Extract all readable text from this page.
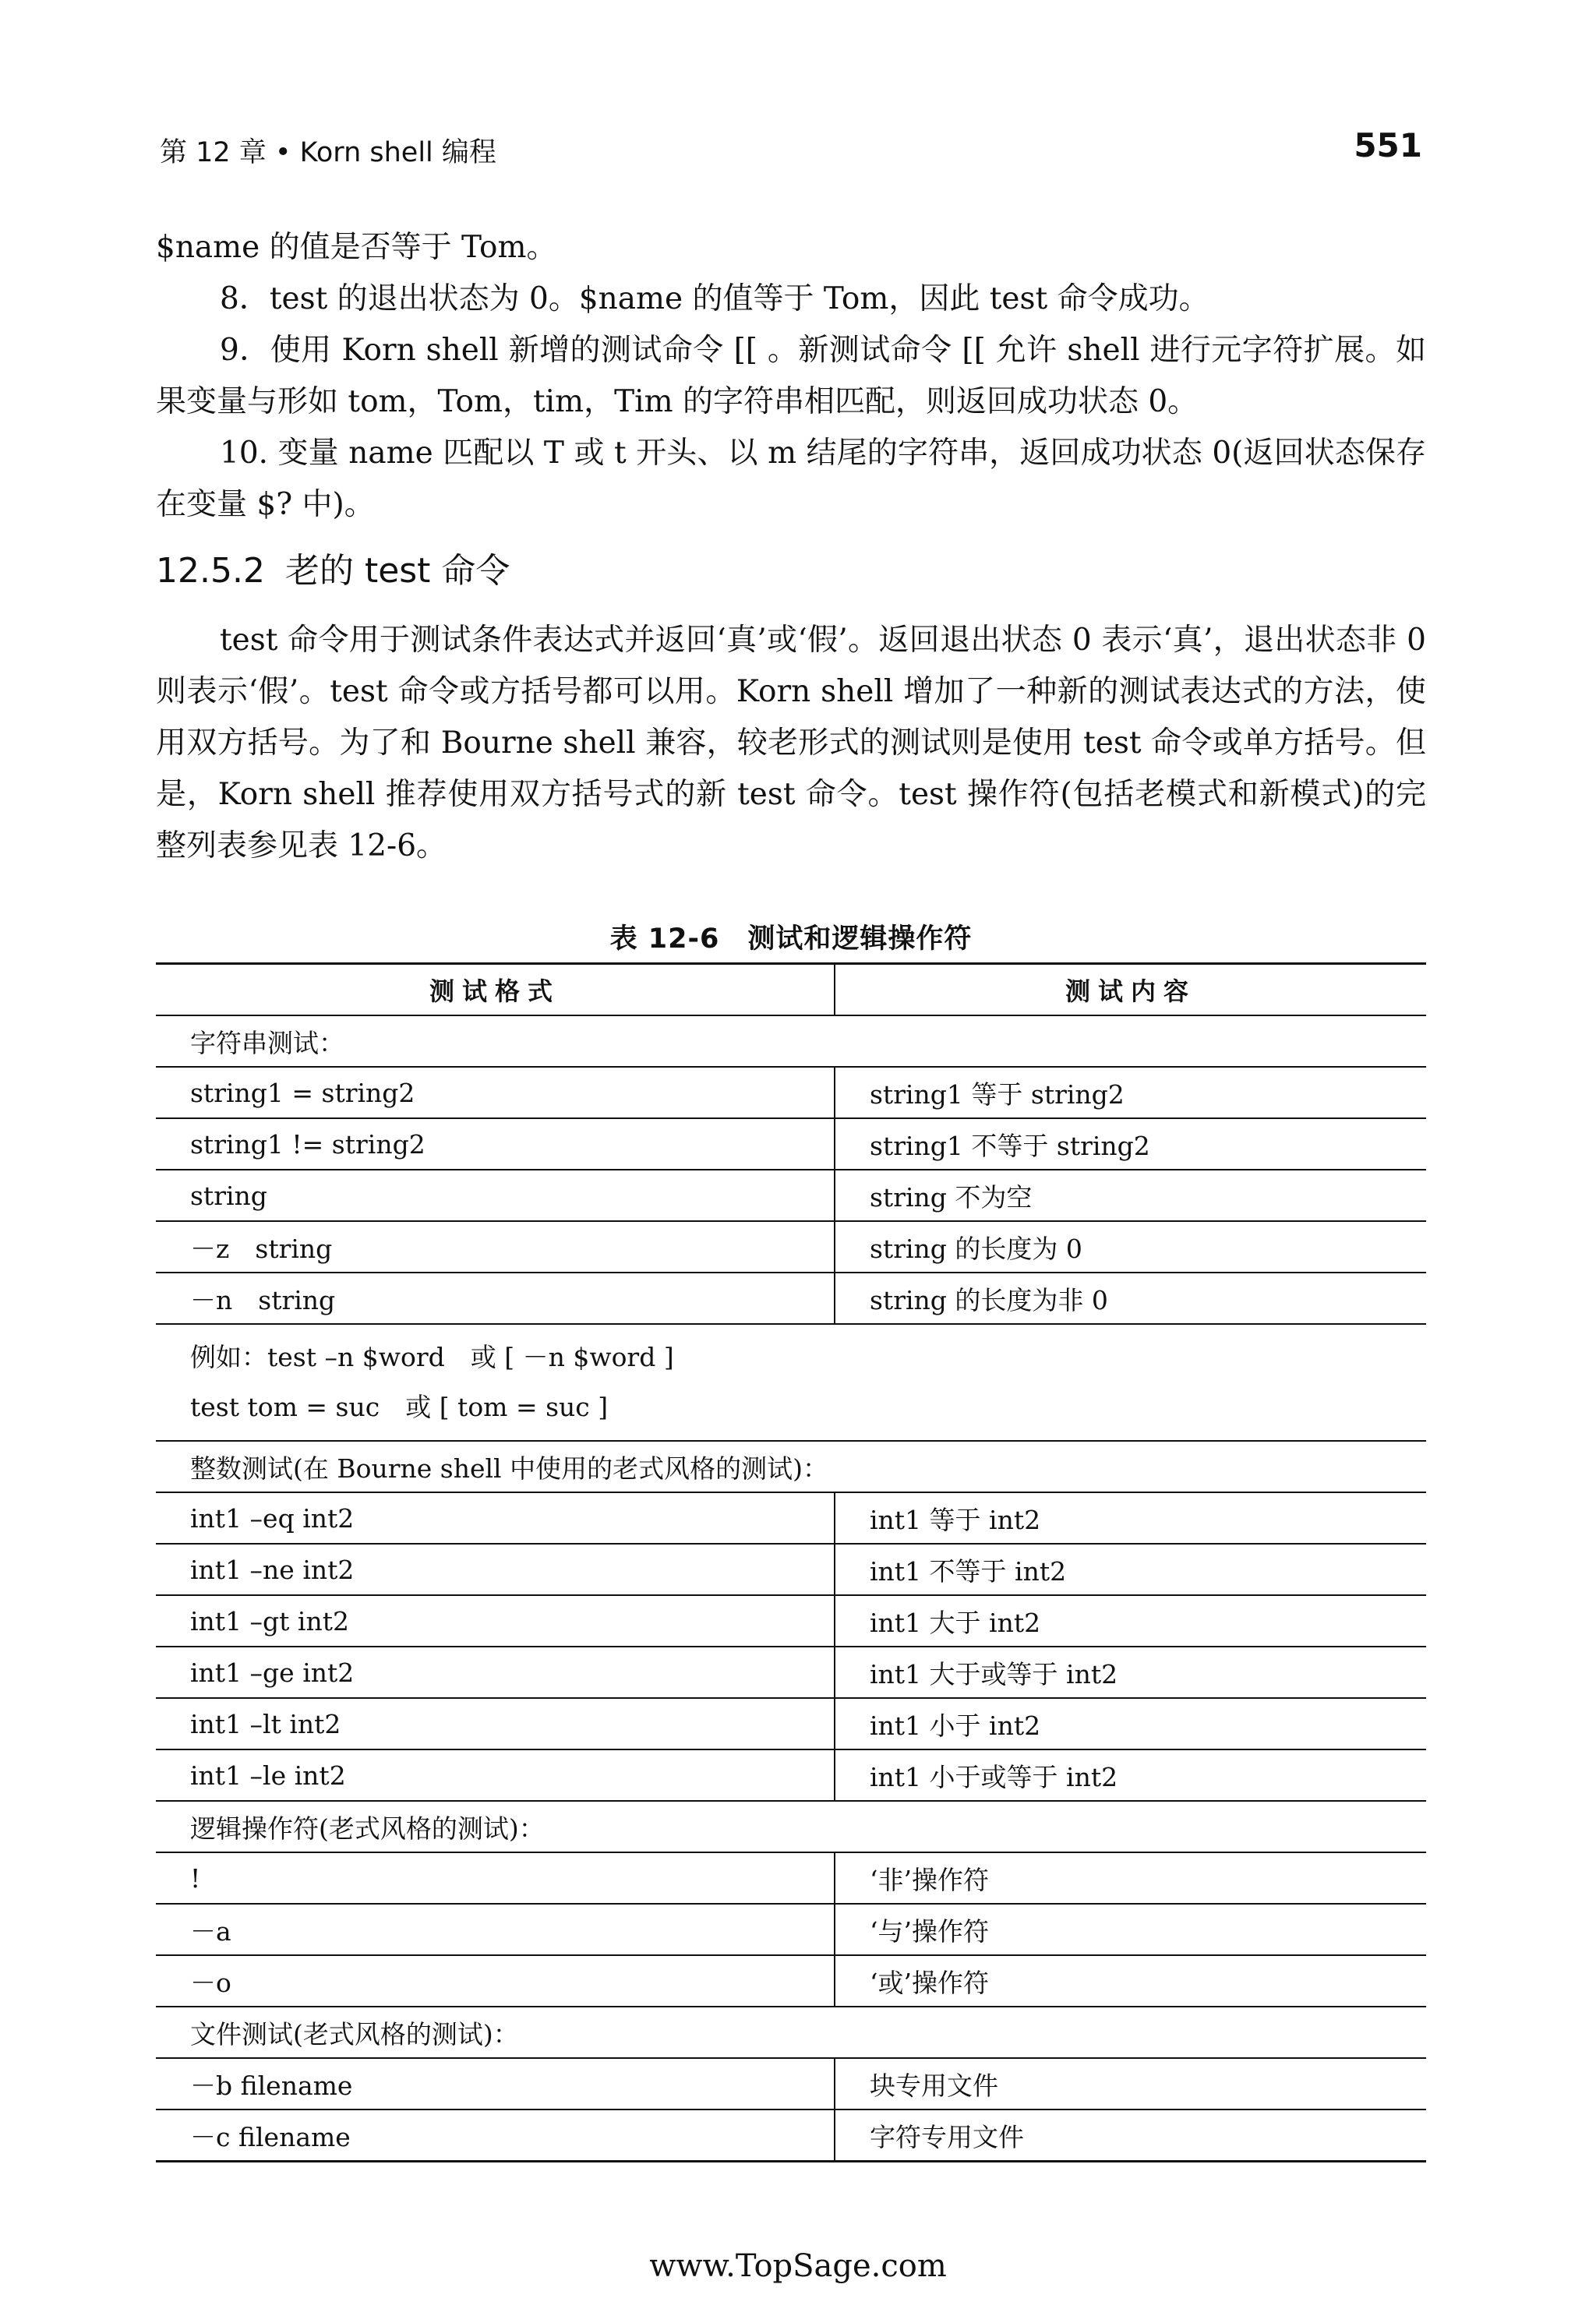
第 12 章 • Korn shell 编程	551

$name 的值是否等于 Tom。

8．test 的退出状态为 0。$name 的值等于 Tom，因此 test 命令成功。

9．使用 Korn shell 新增的测试命令 [[ 。新测试命令 [[ 允许 shell 进行元字符扩展。如果变量与形如 tom，Tom，tim，Tim 的字符串相匹配，则返回成功状态 0。

10. 变量 name 匹配以 T 或 t 开头、以 m 结尾的字符串，返回成功状态 0(返回状态保存在变量 $? 中)。

12.5.2 老的 test 命令

test 命令用于测试条件表达式并返回‘真’或‘假’。返回退出状态 0 表示‘真’，退出状态非 0 则表示‘假’。test 命令或方括号都可以用。Korn shell 增加了一种新的测试表达式的方法，使用双方括号。为了和 Bourne shell 兼容，较老形式的测试则是使用 test 命令或单方括号。但是，Korn shell 推荐使用双方括号式的新 test 命令。test 操作符(包括老模式和新模式)的完整列表参见表 12-6。

表 12-6　测试和逻辑操作符
测试格式	测试内容
字符串测试：	
string1 = string2	string1 等于 string2
string1 != string2	string1 不等于 string2
string	string 不为空
－z　string	string 的长度为 0
－n　string	string 的长度为非 0

例如：test –n $word　或 [ －n $word ]
test tom = suc　或 [ tom = suc ]	

整数测试(在 Bourne shell 中使用的老式风格的测试)：	
int1 –eq int2	int1 等于 int2
int1 –ne int2	int1 不等于 int2
int1 –gt int2	int1 大于 int2
int1 –ge int2	int1 大于或等于 int2
int1 –lt int2	int1 小于 int2
int1 –le int2	int1 小于或等于 int2
逻辑操作符(老式风格的测试)：	
!	‘非’操作符
－a	‘与’操作符
－o	‘或’操作符
文件测试(老式风格的测试)：	
－b filename	块专用文件
－c filename	字符专用文件
www.TopSage.com
